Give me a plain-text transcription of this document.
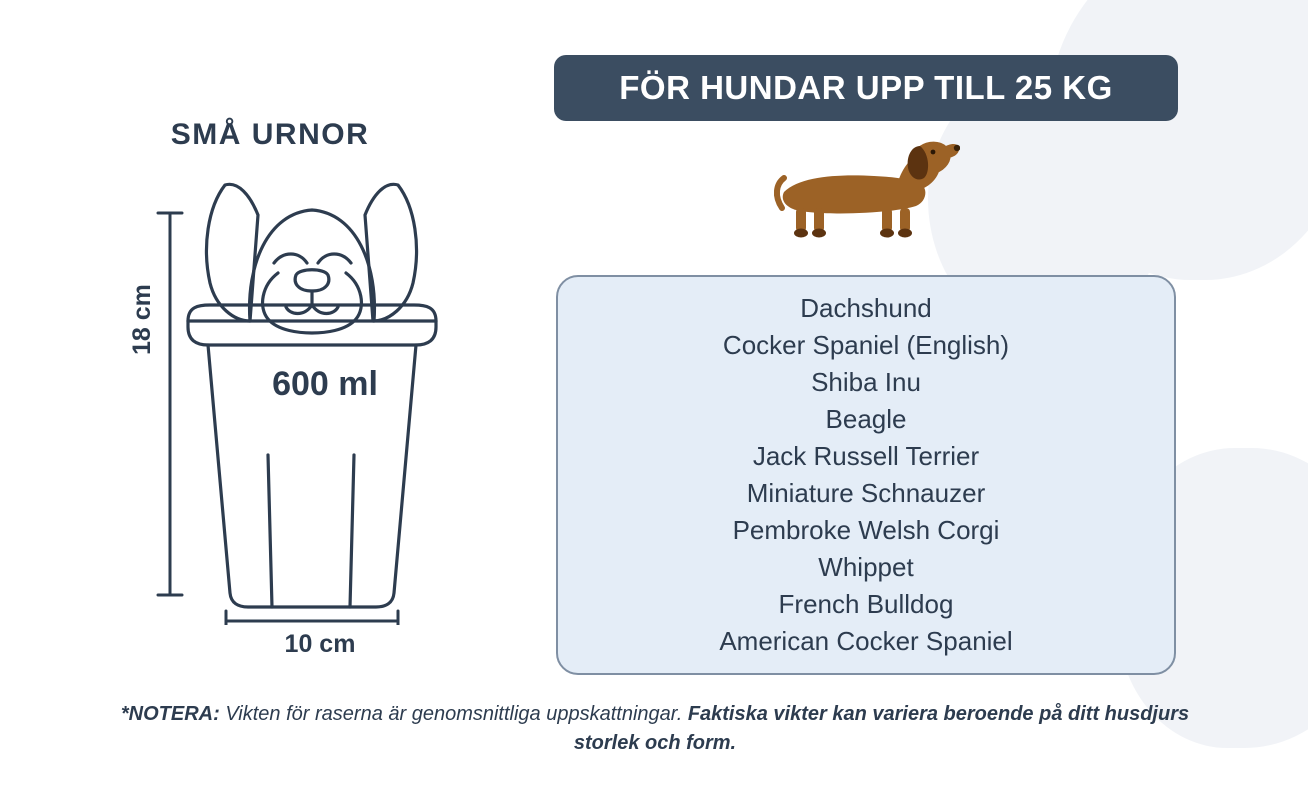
SMÅ URNOR
600 ml
18 cm
10 cm
FÖR HUNDAR UPP TILL 25 KG
Dachshund
Cocker Spaniel (English)
Shiba Inu
Beagle
Jack Russell Terrier
Miniature Schnauzer
Pembroke Welsh Corgi
Whippet
French Bulldog
American Cocker Spaniel
*NOTERA: Vikten för raserna är genomsnittliga uppskattningar. Faktiska vikter kan variera beroende på ditt husdjurs storlek och form.
